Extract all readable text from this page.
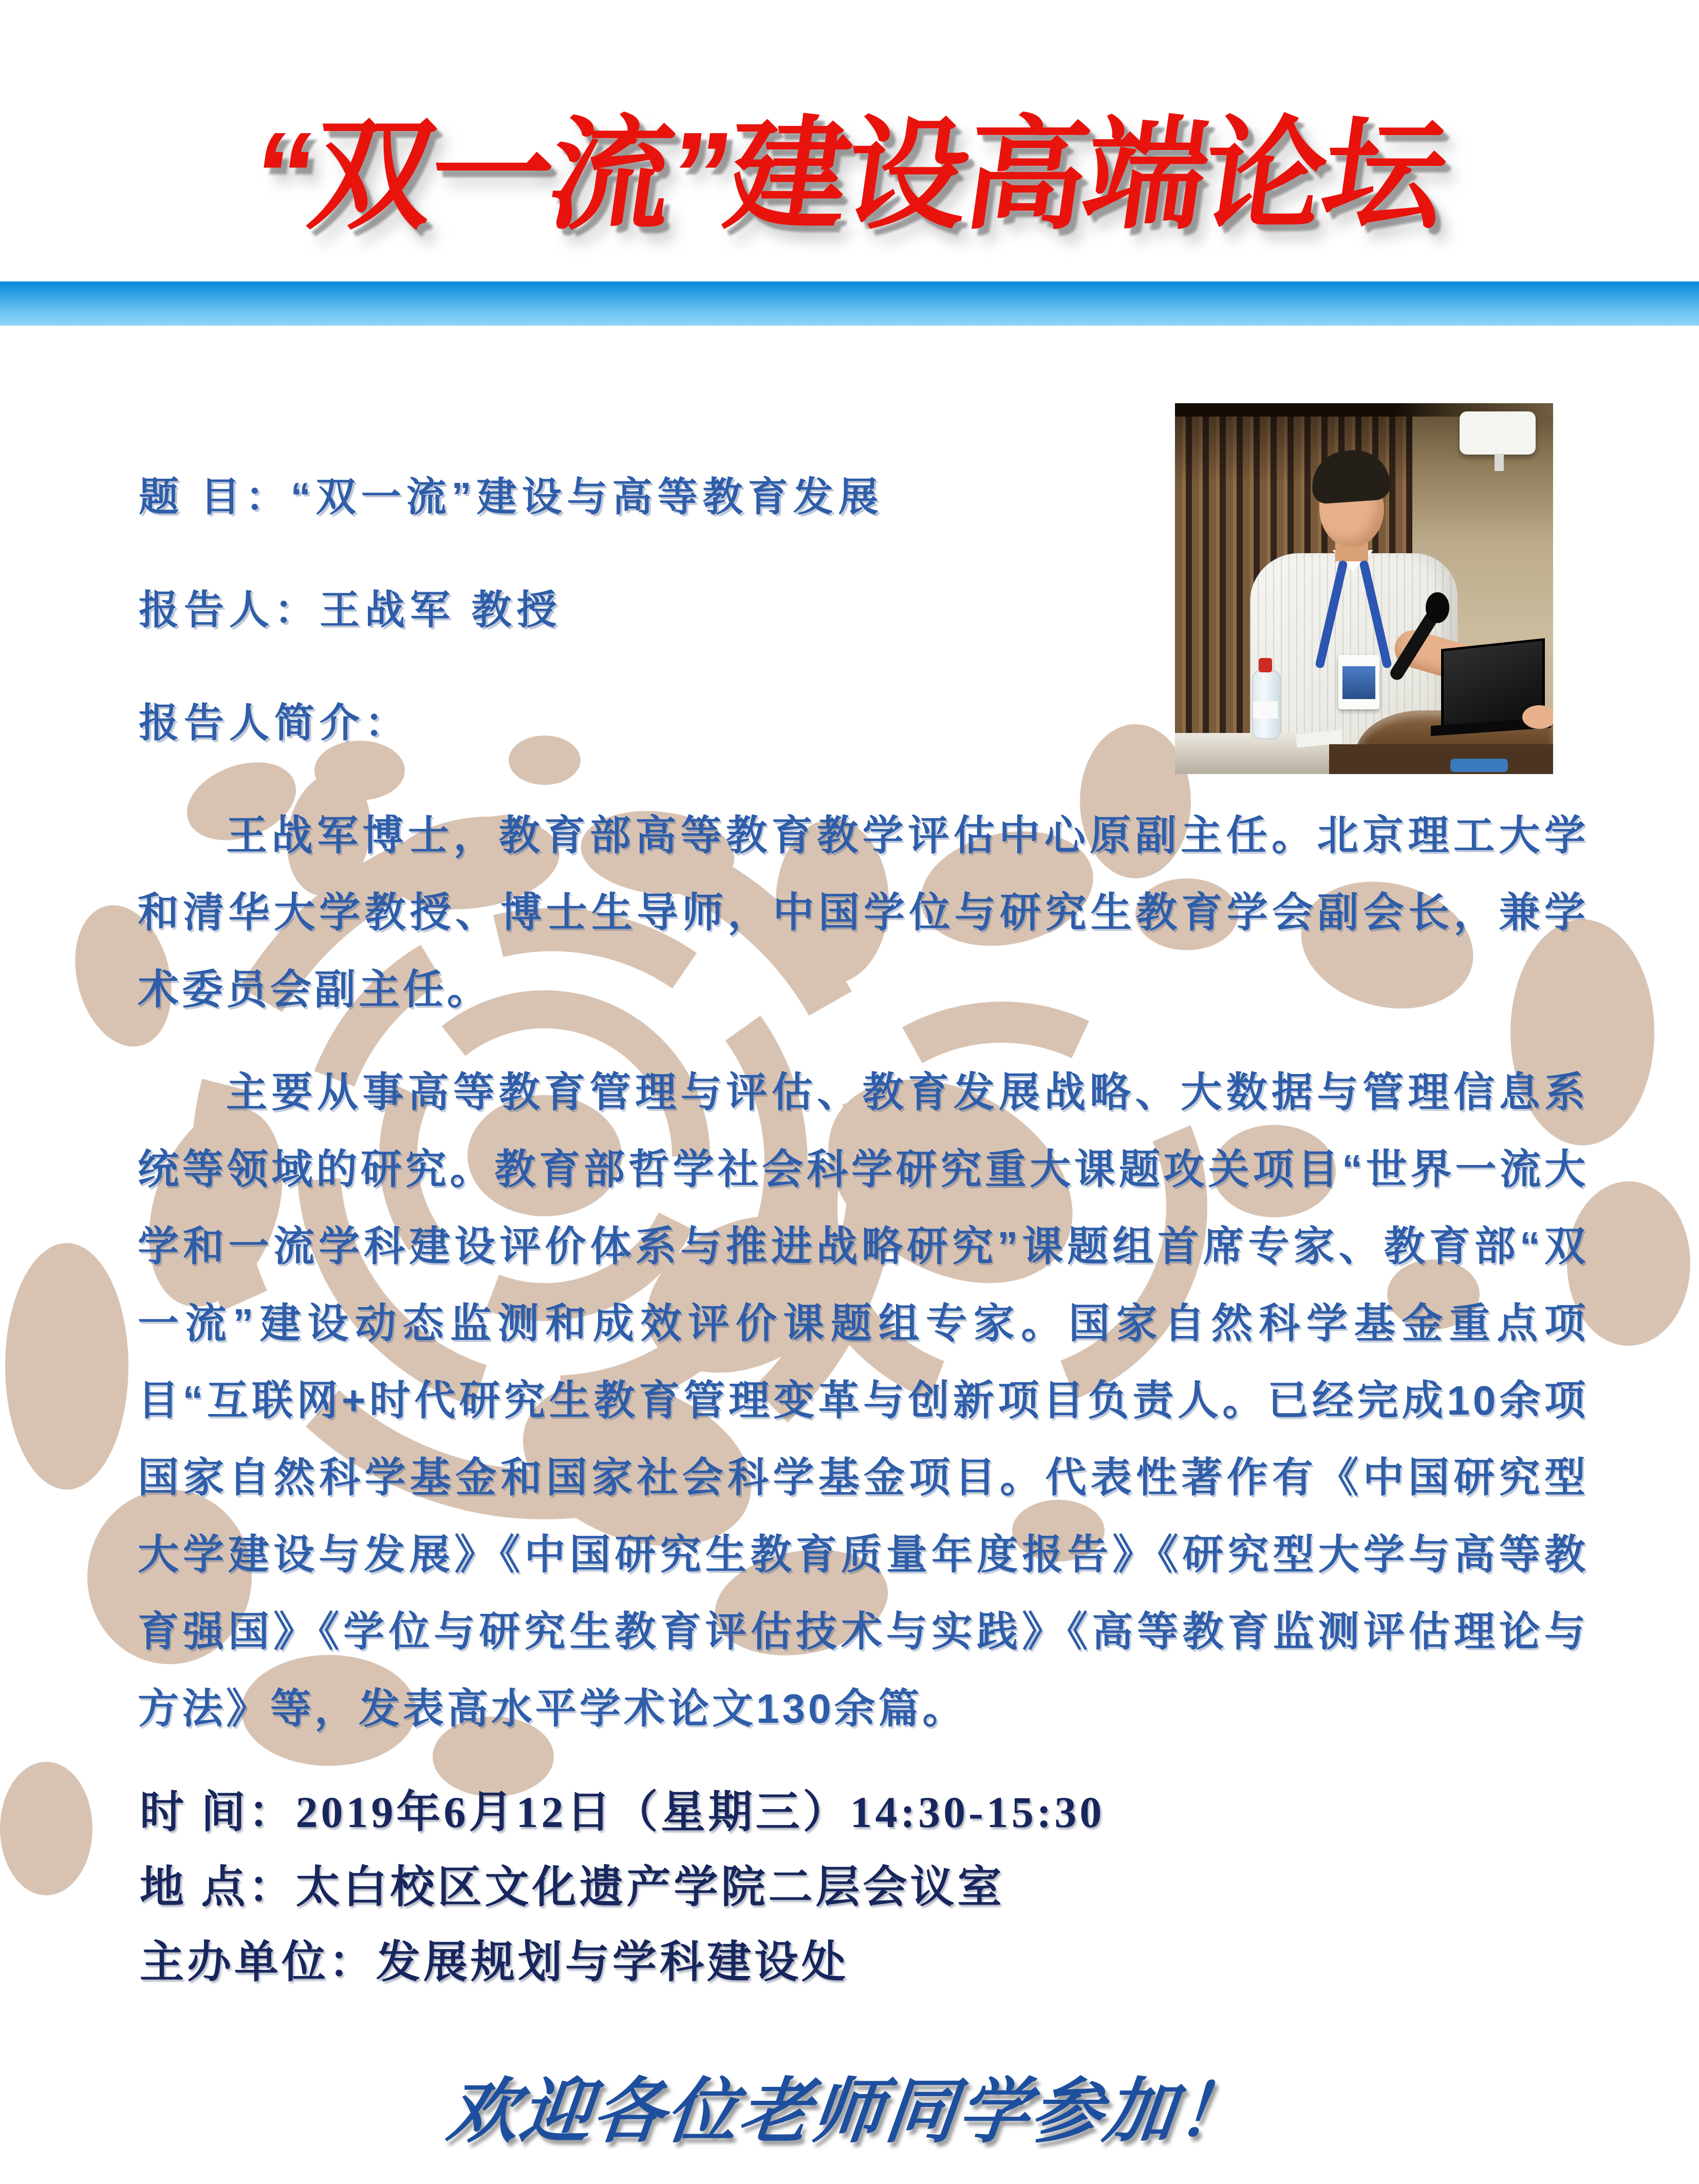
“双一流”建设高端论坛

题 目：“双一流”建设与高等教育发展

报告人：王战军 教授

报告人简介：

王战军博士，教育部高等教育教学评估中心原副主任。北京理工大学和清华大学教授、博士生导师，中国学位与研究生教育学会副会长，兼学术委员会副主任。

主要从事高等教育管理与评估、教育发展战略、大数据与管理信息系统等领域的研究。教育部哲学社会科学研究重大课题攻关项目“世界一流大学和一流学科建设评价体系与推进战略研究”课题组首席专家、教育部“双一流”建设动态监测和成效评价课题组专家。国家自然科学基金重点项目“互联网+时代研究生教育管理变革与创新项目负责人。已经完成10余项国家自然科学基金和国家社会科学基金项目。代表性著作有《中国研究型大学建设与发展》《中国研究生教育质量年度报告》《研究型大学与高等教育强国》《学位与研究生教育评估技术与实践》《高等教育监测评估理论与方法》等，发表高水平学术论文130余篇。

时 间：2019年6月12日（星期三）14:30-15:30

地 点：太白校区文化遗产学院二层会议室

主办单位：发展规划与学科建设处

欢迎各位老师同学参加！
